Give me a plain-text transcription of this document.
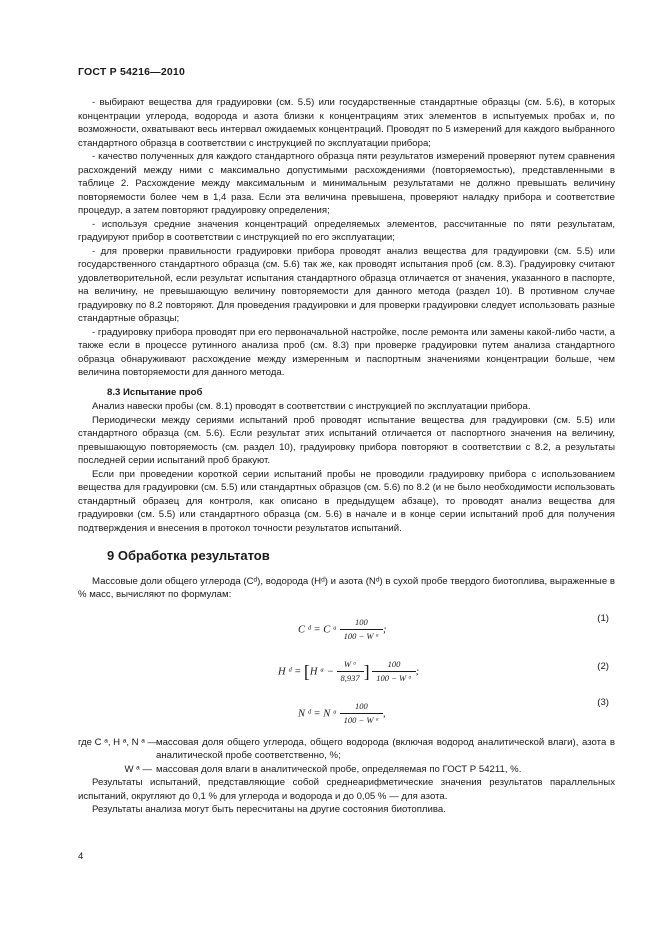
ГОСТ Р 54216—2010

- выбирают вещества для градуировки (см. 5.5) или государственные стандартные образцы (см. 5.6), в которых концентрации углерода, водорода и азота близки к концентрациям этих элементов в испытуемых пробах и, по возможности, охватывают весь интервал ожидаемых концентраций. Проводят по 5 измерений для каждого выбранного стандартного образца в соответствии с инструкцией по эксплуатации прибора;

- качество полученных для каждого стандартного образца пяти результатов измерений проверяют путем сравнения расхождений между ними с максимально допустимыми расхождениями (повторяемостью), представленными в таблице 2. Расхождение между максимальным и минимальным результатами не должно превышать величину повторяемости более чем в 1,4 раза. Если эта величина превышена, проверяют наладку прибора и соответствие процедур, а затем повторяют градуировку определения;

- используя средние значения концентраций определяемых элементов, рассчитанные по пяти результатам, градуируют прибор в соответствии с инструкцией по его эксплуатации;

- для проверки правильности градуировки прибора проводят анализ вещества для градуировки (см. 5.5) или государственного стандартного образца (см. 5.6) так же, как проводят испытания проб (см. 8.3). Градуировку считают удовлетворительной, если результат испытания стандартного образца отличается от значения, указанного в паспорте, на величину, не превышающую величину повторяемости для данного метода (раздел 10). В противном случае градуировку по 8.2 повторяют. Для проведения градуировки и для проверки градуировки следует использовать разные стандартные образцы;

- градуировку прибора проводят при его первоначальной настройке, после ремонта или замены какой-либо части, а также если в процессе рутинного анализа проб (см. 8.3) при проверке градуировки путем анализа стандартного образца обнаруживают расхождение между измеренным и паспортным значениями концентрации больше, чем величина повторяемости для данного метода.

8.3 Испытание проб

Анализ навески пробы (см. 8.1) проводят в соответствии с инструкцией по эксплуатации прибора.

Периодически между сериями испытаний проб проводят испытание вещества для градуировки (см. 5.5) или стандартного образца (см. 5.6). Если результат этих испытаний отличается от паспортного значения на величину, превышающую повторяемость (см. раздел 10), градуировку прибора повторяют в соответствии с 8.2, а результаты последней серии испытаний проб бракуют.

Если при проведении короткой серии испытаний пробы не проводили градуировку прибора с использованием вещества для градуировки (см. 5.5) или стандартных образцов (см. 5.6) по 8.2 (и не было необходимости использовать стандартный образец для контроля, как описано в предыдущем абзаце), то проводят анализ вещества для градуировки (см. 5.5) или стандартного образца (см. 5.6) в начале и в конце серии испытаний проб для получения подтверждения и внесения в протокол точности результатов испытаний.

9 Обработка результатов

Массовые доли общего углерода (Cᵈ), водорода (Hᵈ) и азота (Nᵈ) в сухой пробе твердого биотоплива, выраженные в % масс, вычисляют по формулам:

C ᵈ = C ᵃ $\frac{100}{\text{100 − W ᵃ}}$ ;
(1)
H ᵈ = [H ᵃ − $\frac{\text{W ᵃ}}{8,937}$ ] $\frac{100}{\text{100 − W ᵃ}}$ ;	(2)
N ᵈ = N ᵃ $\frac{100}{\text{100 − W ᵃ}}$ ,
(3)
где C ᵃ, H ᵃ, N ᵃ —
массовая доля общего углерода, общего водорода (включая водород аналитической влаги), азота в аналитической пробе соответственно, %;
W ᵃ — массовая доля влаги в аналитической пробе, определяемая по ГОСТ Р 54211, %.

Результаты испытаний, представляющие собой среднеарифметические значения результатов параллельных испытаний, округляют до 0,1 % для углерода и водорода и до 0,05 % — для азота.

Результаты анализа могут быть пересчитаны на другие состояния биотоплива.

4
